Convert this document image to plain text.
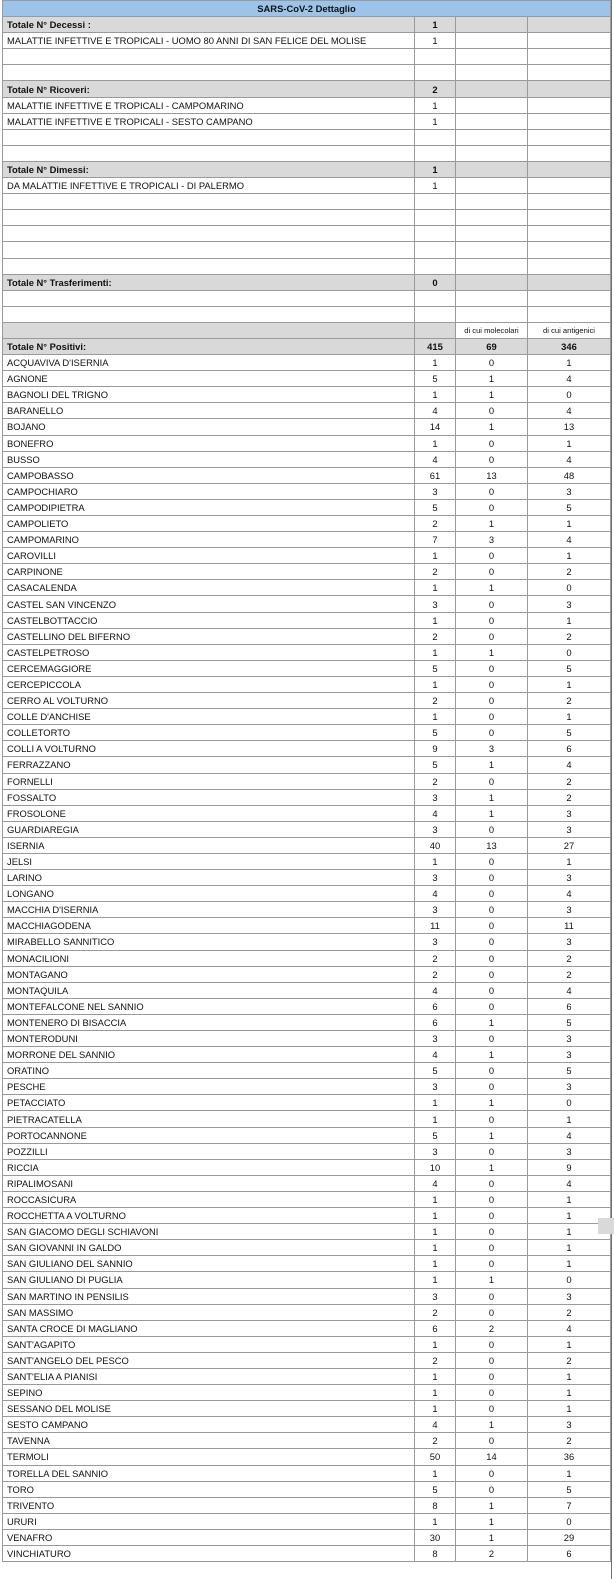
SARS-CoV-2 Dettaglio			
Totale N° Decessi :	1		
MALATTIE INFETTIVE E TROPICALI - UOMO 80 ANNI DI SAN FELICE DEL MOLISE	1		

Totale N° Ricoveri:	2		
MALATTIE INFETTIVE E TROPICALI - CAMPOMARINO	1		
MALATTIE INFETTIVE E TROPICALI - SESTO CAMPANO	1		

Totale N° Dimessi:	1		
DA MALATTIE INFETTIVE E TROPICALI - DI PALERMO	1		

Totale N° Trasferimenti:	0		

		di cui molecolari	di cui antigenici
Totale N° Positivi:	415	69	346
ACQUAVIVA D'ISERNIA	1	0	1
AGNONE	5	1	4
BAGNOLI DEL TRIGNO	1	1	0
BARANELLO	4	0	4
BOJANO	14	1	13
BONEFRO	1	0	1
BUSSO	4	0	4
CAMPOBASSO	61	13	48
CAMPOCHIARO	3	0	3
CAMPODIPIETRA	5	0	5
CAMPOLIETO	2	1	1
CAMPOMARINO	7	3	4
CAROVILLI	1	0	1
CARPINONE	2	0	2
CASACALENDA	1	1	0
CASTEL SAN VINCENZO	3	0	3
CASTELBOTTACCIO	1	0	1
CASTELLINO DEL BIFERNO	2	0	2
CASTELPETROSO	1	1	0
CERCEMAGGIORE	5	0	5
CERCEPICCOLA	1	0	1
CERRO AL VOLTURNO	2	0	2
COLLE D'ANCHISE	1	0	1
COLLETORTO	5	0	5
COLLI A VOLTURNO	9	3	6
FERRAZZANO	5	1	4
FORNELLI	2	0	2
FOSSALTO	3	1	2
FROSOLONE	4	1	3
GUARDIAREGIA	3	0	3
ISERNIA	40	13	27
JELSI	1	0	1
LARINO	3	0	3
LONGANO	4	0	4
MACCHIA D'ISERNIA	3	0	3
MACCHIAGODENA	11	0	11
MIRABELLO SANNITICO	3	0	3
MONACILIONI	2	0	2
MONTAGANO	2	0	2
MONTAQUILA	4	0	4
MONTEFALCONE NEL SANNIO	6	0	6
MONTENERO DI BISACCIA	6	1	5
MONTERODUNI	3	0	3
MORRONE DEL SANNIO	4	1	3
ORATINO	5	0	5
PESCHE	3	0	3
PETACCIATO	1	1	0
PIETRACATELLA	1	0	1
PORTOCANNONE	5	1	4
POZZILLI	3	0	3
RICCIA	10	1	9
RIPALIMOSANI	4	0	4
ROCCASICURA	1	0	1
ROCCHETTA A VOLTURNO	1	0	1
SAN GIACOMO DEGLI SCHIAVONI	1	0	1
SAN GIOVANNI IN GALDO	1	0	1
SAN GIULIANO DEL SANNIO	1	0	1
SAN GIULIANO DI PUGLIA	1	1	0
SAN MARTINO IN PENSILIS	3	0	3
SAN MASSIMO	2	0	2
SANTA CROCE DI MAGLIANO	6	2	4
SANT'AGAPITO	1	0	1
SANT'ANGELO DEL PESCO	2	0	2
SANT'ELIA A PIANISI	1	0	1
SEPINO	1	0	1
SESSANO DEL MOLISE	1	0	1
SESTO CAMPANO	4	1	3
TAVENNA	2	0	2
TERMOLI	50	14	36
TORELLA DEL SANNIO	1	0	1
TORO	5	0	5
TRIVENTO	8	1	7
URURI	1	1	0
VENAFRO	30	1	29
VINCHIATURO	8	2	6
